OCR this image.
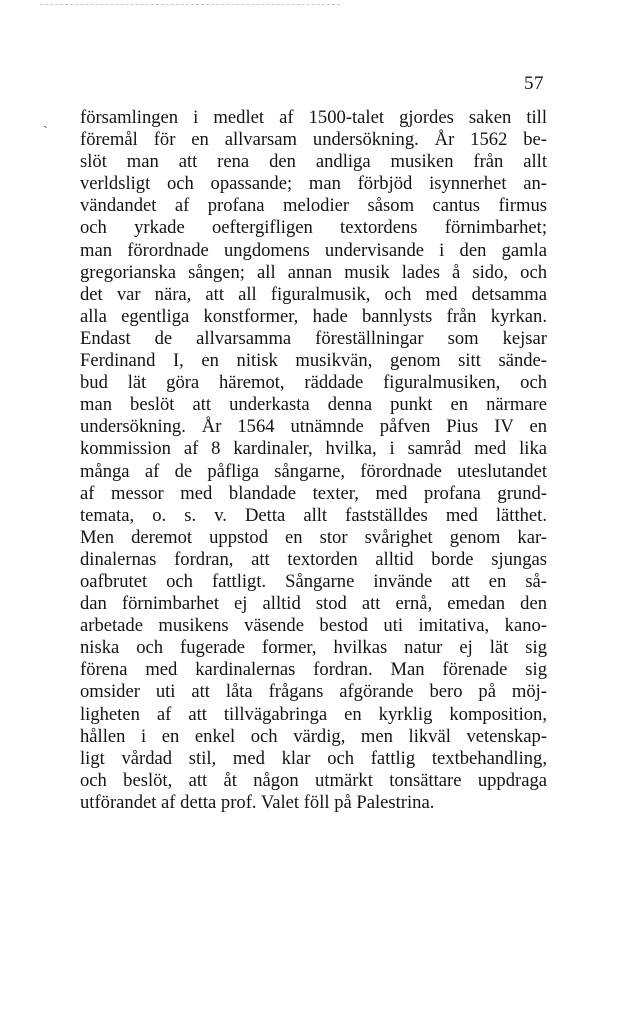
57
ˎ församlingen i medlet af 1500-talet gjordes saken till
föremål för en allvarsam undersökning. År 1562 be-
slöt man att rena den andliga musiken från allt
verldsligt och opassande; man förbjöd isynnerhet an-
vändandet af profana melodier såsom cantus firmus
och yrkade oeftergifligen textordens förnimbarhet;
man förordnade ungdomens undervisande i den gamla
gregorianska sången; all annan musik lades å sido, och
det var nära, att all figuralmusik, och med detsamma
alla egentliga konstformer, hade bannlysts från kyrkan.
Endast de allvarsamma föreställningar som kejsar
Ferdinand I, en nitisk musikvän, genom sitt sände-
bud lät göra häremot, räddade figuralmusiken, och
man beslöt att underkasta denna punkt en närmare
undersökning. År 1564 utnämnde påfven Pius IV en
kommission af 8 kardinaler, hvilka, i samråd med lika
många af de påfliga sångarne, förordnade uteslutandet
af messor med blandade texter, med profana grund-
temata, o. s. v. Detta allt fastställdes med lätthet.
Men deremot uppstod en stor svårighet genom kar-
dinalernas fordran, att textorden alltid borde sjungas
oafbrutet och fattligt. Sångarne invände att en så-
dan förnimbarhet ej alltid stod att ernå, emedan den
arbetade musikens väsende bestod uti imitativa, kano-
niska och fugerade former, hvilkas natur ej lät sig
förena med kardinalernas fordran. Man förenade sig
omsider uti att låta frågans afgörande bero på möj-
ligheten af att tillvägabringa en kyrklig komposition,
hållen i en enkel och värdig, men likväl vetenskap-
ligt vårdad stil, med klar och fattlig textbehandling,
och beslöt, att åt någon utmärkt tonsättare uppdraga
utförandet af detta prof. Valet föll på Palestrina.
